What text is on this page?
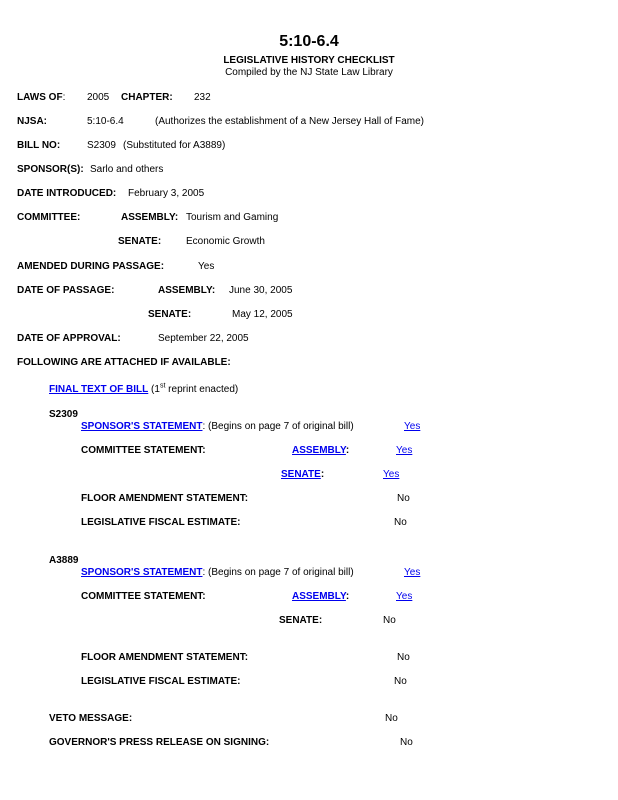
5:10-6.4
LEGISLATIVE HISTORY CHECKLIST
Compiled by the NJ State Law Library
LAWS OF: 2005 CHAPTER: 232
NJSA:	5:10-6.4	(Authorizes the establishment of a New Jersey Hall of Fame)
BILL NO:	S2309 (Substituted for A3889)
SPONSOR(S): Sarlo and others
DATE INTRODUCED: February 3, 2005
COMMITTEE:	ASSEMBLY: Tourism and Gaming
SENATE: Economic Growth
AMENDED DURING PASSAGE:	Yes
DATE OF PASSAGE:	ASSEMBLY: June 30, 2005
SENATE:	May 12, 2005
DATE OF APPROVAL:	September 22, 2005
FOLLOWING ARE ATTACHED IF AVAILABLE:
FINAL TEXT OF BILL (1st reprint enacted)
S2309
SPONSOR'S STATEMENT: (Begins on page 7 of original bill)	Yes
COMMITTEE STATEMENT:	ASSEMBLY:	Yes
SENATE:	Yes
FLOOR AMENDMENT STATEMENT:	No
LEGISLATIVE FISCAL ESTIMATE:	No
A3889
SPONSOR'S STATEMENT: (Begins on page 7 of original bill)	Yes
COMMITTEE STATEMENT:	ASSEMBLY:	Yes
SENATE:	No
FLOOR AMENDMENT STATEMENT:	No
LEGISLATIVE FISCAL ESTIMATE:	No
VETO MESSAGE:	No
GOVERNOR'S PRESS RELEASE ON SIGNING:	No
